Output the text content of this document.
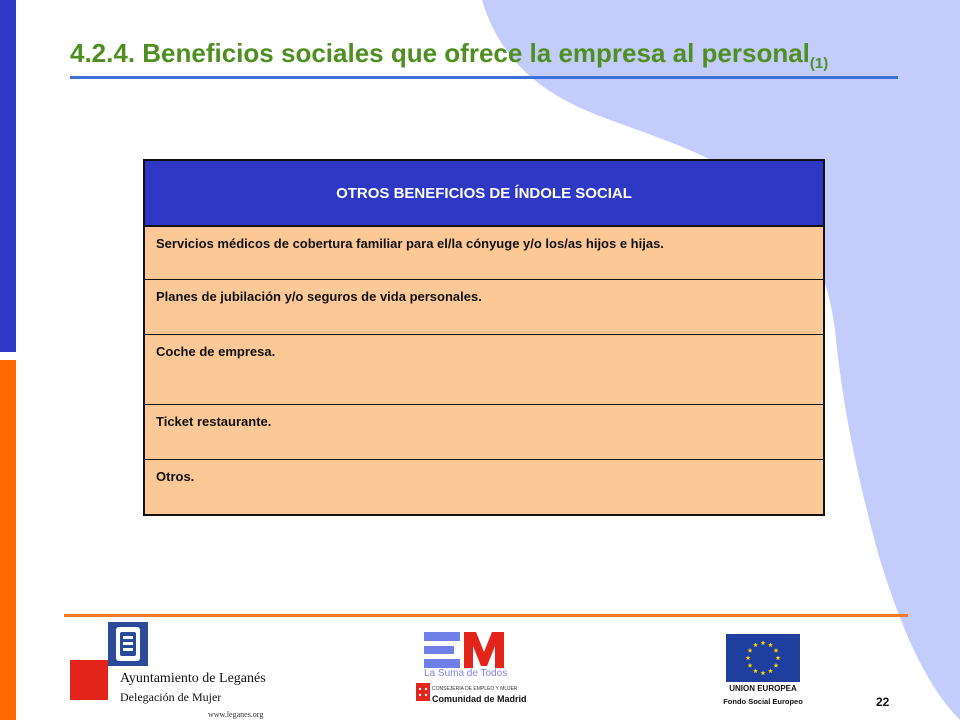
4.2.4. Beneficios sociales que ofrece la empresa al personal$_{(1)}$
OTROS BENEFICIOS DE ÍNDOLE SOCIAL
Servicios médicos de cobertura familiar para el/la cónyuge y/o los/as hijos e hijas.
Planes de jubilación y/o seguros de vida personales.
Coche de empresa.
Ticket restaurante.
Otros.
Ayuntamiento de Leganés
Delegación de Mujer
www.leganes.org
La Suma de Todos
CONSEJERÍA DE EMPLEO Y MUJER
Comunidad de Madrid
UNION EUROPEA
Fondo Social Europeo	22
